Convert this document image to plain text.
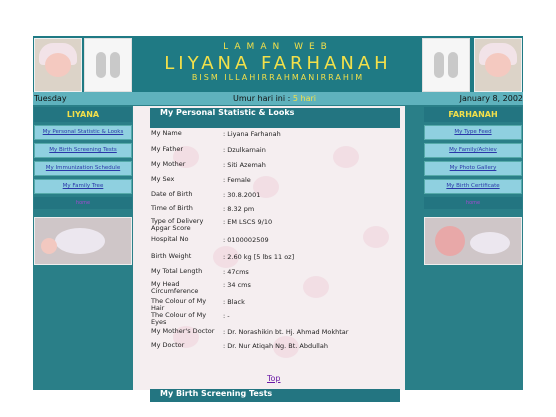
LAMAN WEB
LIYANA FARHANAH
BISM ILLAHIRRAHMANIRRAHIM
Tuesday	Umur hari ini : 5 hari	January 8, 2002
LIYANA
My Personal Statistic & Looks
My Birth Screening Tests
My Immunization Schedule
My Family Tree
home
My Personal Statistic & Looks
My Name	: Liyana Farhanah
My Father	: Dzulkarnain
My Mother	: Siti Azemah
My Sex	: Female
Date of Birth	: 30.8.2001
Time of Birth	: 8.32 pm
Type of Delivery Apgar Score
: EM LSCS 9/10
Hospital No	: 0100002509
Birth Weight	: 2.60 kg [5 lbs 11 oz]
My Total Length	: 47cms
My Head Circumference
: 34 cms
The Colour of My Hair
: Black
The Colour of My Eyes
: -
My Mother's Doctor	: Dr. Norashikin bt. Hj. Ahmad Mokhtar
My Doctor	: Dr. Nur Atiqah Ng. Bt. Abdullah
Top
My Birth Screening Tests
FARHANAH
My Type Feed
My Family/Achiev
My Photo Gallery
My Birth Certificate
home
